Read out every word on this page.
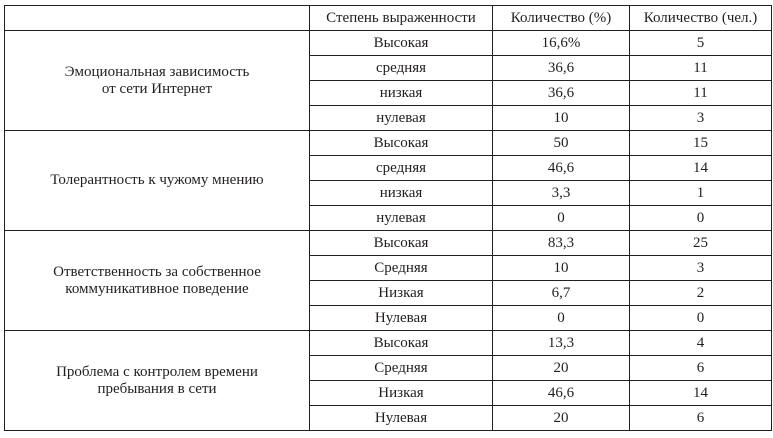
	Степень выраженности	Количество (%)	Количество (чел.)

Эмоциональная зависимость
от сети Интернет	Высокая	16,6%	5
	средняя	36,6	11
	низкая	36,6	11
	нулевая	10	3

Толерантность к чужому мнению	Высокая	50	15
	средняя	46,6	14
	низкая	3,3	1
	нулевая	0	0

Ответственность за собственное
коммуникативное поведение	Высокая	83,3	25
	Средняя	10	3
	Низкая	6,7	2
	Нулевая	0	0

Проблема с контролем времени
пребывания в сети	Высокая	13,3	4
	Средняя	20	6
	Низкая	46,6	14
	Нулевая	20	6
